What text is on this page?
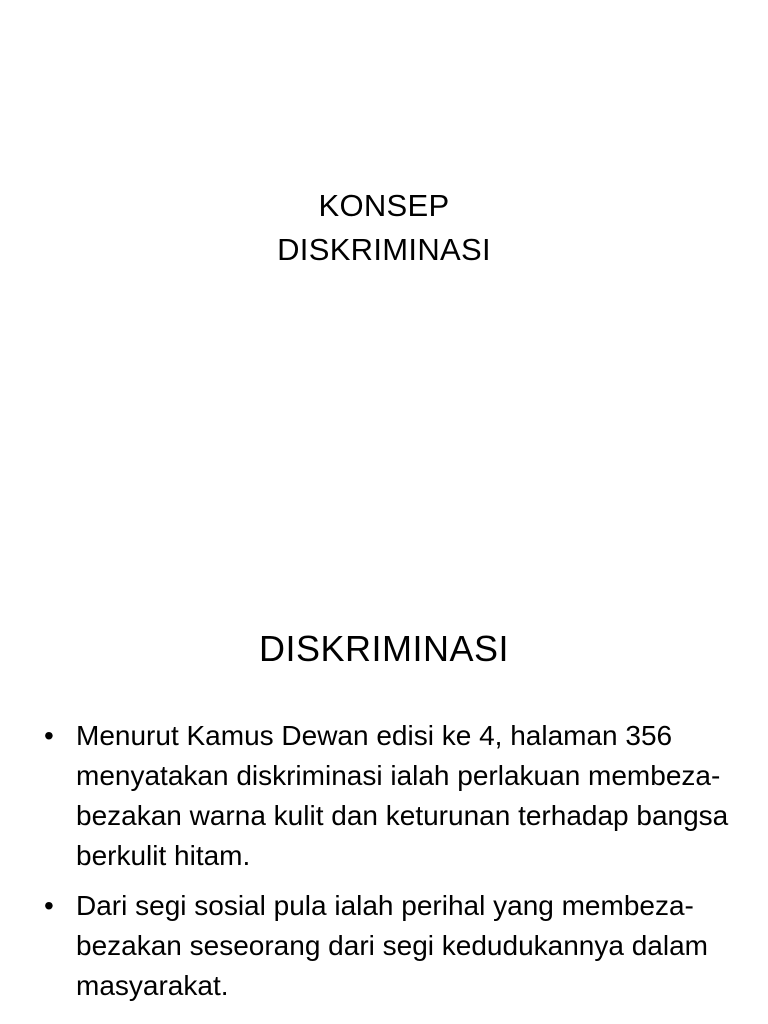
KONSEP
DISKRIMINASI
DISKRIMINASI
• Menurut Kamus Dewan edisi ke 4, halaman 356 menyatakan diskriminasi ialah perlakuan membeza-bezakan warna kulit dan keturunan terhadap bangsa berkulit hitam.
• Dari segi sosial pula ialah perihal yang membeza-bezakan seseorang dari segi kedudukannya dalam masyarakat.
